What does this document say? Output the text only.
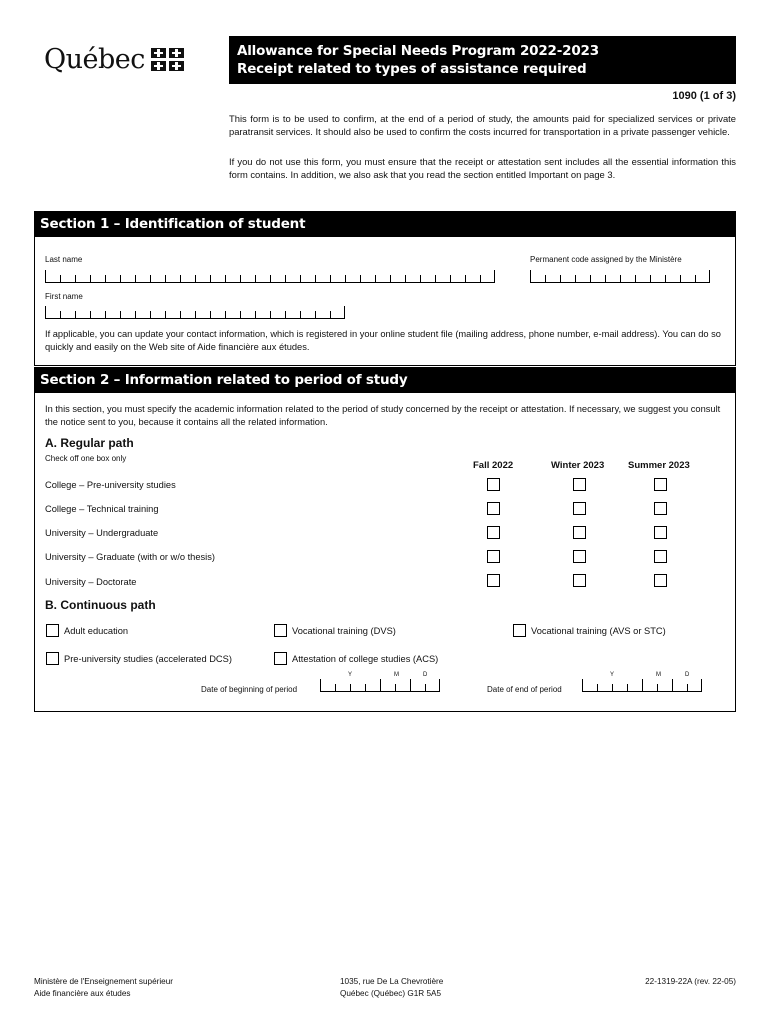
Québec	Allowance for Special Needs Program 2022-2023
Receipt related to types of assistance required
1090 (1 of 3)

This form is to be used to confirm, at the end of a period of study, the amounts paid for specialized services or private paratransit services. It should also be used to confirm the costs incurred for transportation in a private passenger vehicle.

If you do not use this form, you must ensure that the receipt or attestation sent includes all the essential information this form contains. In addition, we also ask that you read the section entitled Important on page 3.

Section 1 – Identification of student
Last name	Permanent code assigned by the Ministère
First name

If applicable, you can update your contact information, which is registered in your online student file (mailing address, phone number, e-mail address). You can do so quickly and easily on the Web site of Aide financière aux études.

Section 2 – Information related to period of study

In this section, you must specify the academic information related to the period of study concerned by the receipt or attestation. If necessary, we suggest you consult the notice sent to you, because it contains all the related information.

A. Regular path
Check off one box only
Fall 2022	Winter 2023	Summer 2023
College – Pre-university studies
College – Technical training
University – Undergraduate
University – Graduate (with or w/o thesis)
University – Doctorate
B. Continuous path
Adult education	Vocational training (DVS)	Vocational training (AVS or STC)
Pre-university studies (accelerated DCS)	Attestation of college studies (ACS)
Date of beginning of period
Y	M	D
Date of end of period
Y	M	D
Ministère de l'Enseignement supérieur
Aide financière aux études
1035, rue De La Chevrotière
Québec (Québec) G1R 5A5
22-1319-22A (rev. 22-05)
